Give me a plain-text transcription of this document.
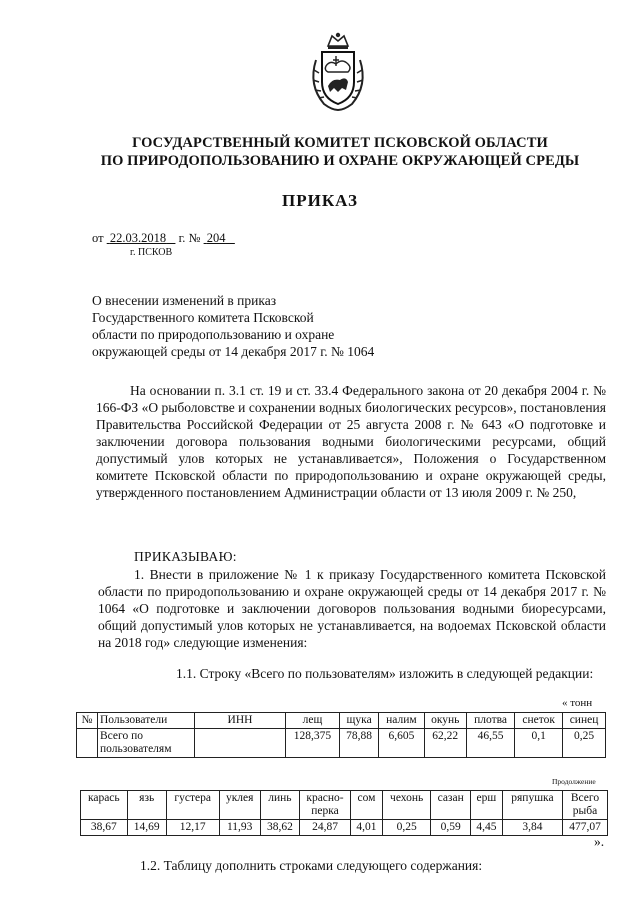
ГОСУДАРСТВЕННЫЙ КОМИТЕТ ПСКОВСКОЙ ОБЛАСТИ
ПО ПРИРОДОПОЛЬЗОВАНИЮ И ОХРАНЕ ОКРУЖАЮЩЕЙ СРЕДЫ
ПРИКАЗ
от 22.03.2018 г. № 204
г. ПСКОВ
О внесении изменений в приказ
Государственного комитета Псковской
области по природопользованию и охране
окружающей среды от 14 декабря 2017 г. № 1064
На основании п. 3.1 ст. 19 и ст. 33.4 Федерального закона от 20 декабря 2004 г. № 166-ФЗ «О рыболовстве и сохранении водных биологических ресурсов», постановления Правительства Российской Федерации от 25 августа 2008 г. № 643 «О подготовке и заключении договора пользования водными биологическими ресурсами, общий допустимый улов которых не устанавливается», Положения о Государственном комитете Псковской области по природопользованию и охране окружающей среды, утвержденного постановлением Администрации области от 13 июля 2009 г. № 250,
ПРИКАЗЫВАЮ:
1. Внести в приложение № 1 к приказу Государственного комитета Псковской области по природопользованию и охране окружающей среды от 14 декабря 2017 г. № 1064 «О подготовке и заключении договоров пользования водными биоресурсами, общий допустимый улов которых не устанавливается, на водоемах Псковской области на 2018 год» следующие изменения:
1.1. Строку «Всего по пользователям» изложить в следующей редакции:
« тонн
№	Пользователи	ИНН	лещ	щука	налим	окунь	плотва	снеток	синец
	Всего по пользователям		128,375	78,88	6,605	62,22	46,55	0,1	0,25
Продолжение
карась	язь	густера	уклея	линь	красно-перка	сом	чехонь	сазан	ерш	ряпушка	Всего рыба
38,67	14,69	12,17	11,93	38,62	24,87	4,01	0,25	0,59	4,45	3,84	477,07
».
1.2. Таблицу дополнить строками следующего содержания:
